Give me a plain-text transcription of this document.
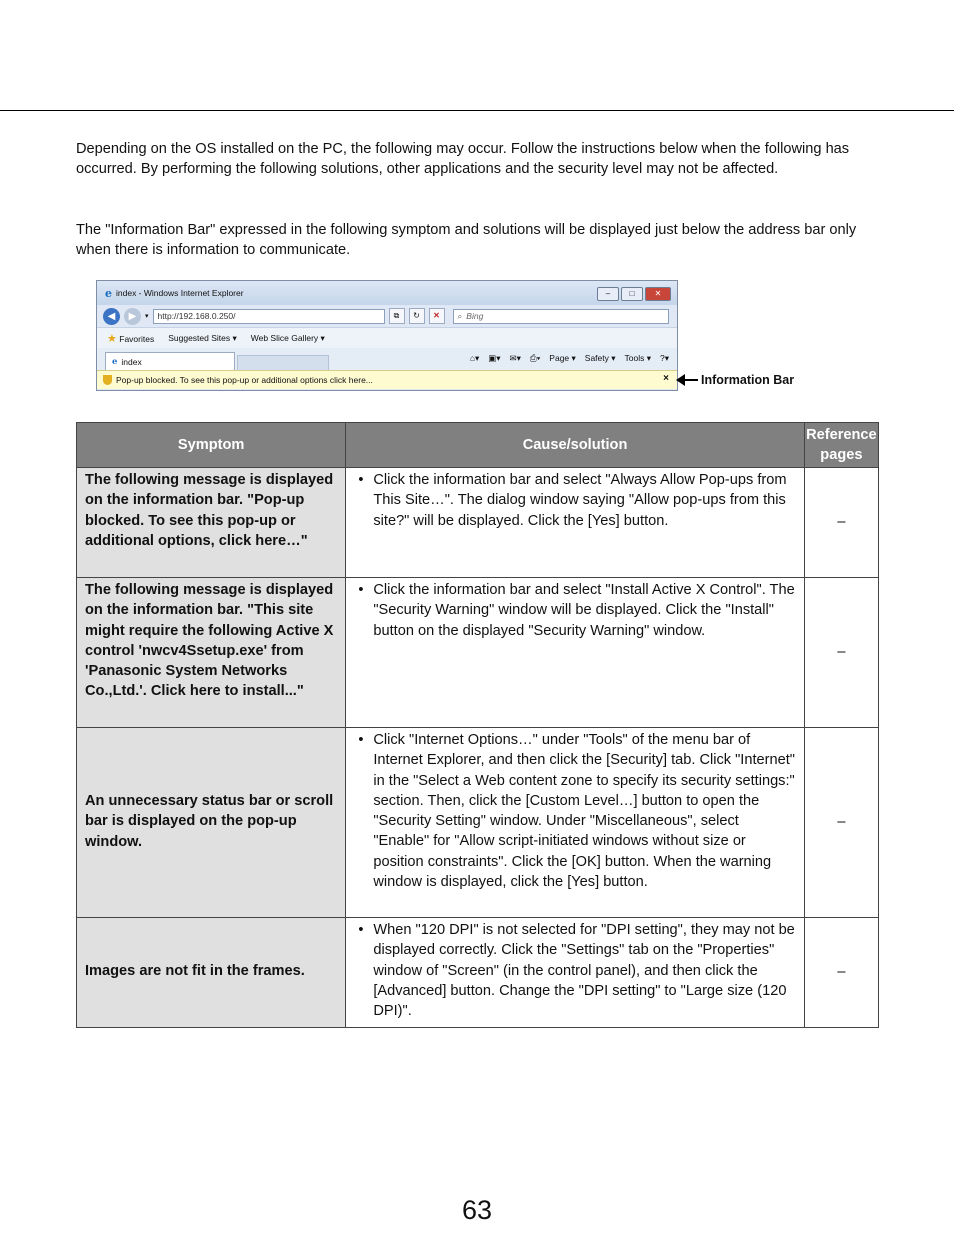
Depending on the OS installed on the PC, the following may occur. Follow the instructions below when the following has occurred. By performing the following solutions, other applications and the security level may not be affected.

The "Information Bar" expressed in the following symptom and solutions will be displayed just below the address bar only when there is information to communicate.

e index - Windows Internet Explorer	–	□	✕
◀	▶	▾ http://192.168.0.250/	⧉	↻	✕	⌕ Bing
★ Favorites Suggested Sites ▾ Web Slice Gallery ▾
e index	⌂▾ ▣▾ ✉▾ ⎙▾ Page ▾ Safety ▾ Tools ▾ ?▾
Pop-up blocked. To see this pop-up or additional options click here...	×	Information Bar
Symptom	Cause/solution	Reference pages
The following message is displayed on the information bar. "Pop-up blocked. To see this pop-up or additional options, click here…"	• Click the information bar and select "Always Allow Pop-ups from This Site…". The dialog window saying "Allow pop-ups from this site?" will be displayed. Click the [Yes] button.	–
The following message is displayed on the information bar. "This site might require the following Active X control 'nwcv4Ssetup.exe' from 'Panasonic System Networks Co.,Ltd.'. Click here to install..."	• Click the information bar and select "Install Active X Control". The "Security Warning" window will be displayed. Click the "Install" button on the displayed "Security Warning" window.	–
An unnecessary status bar or scroll bar is displayed on the pop-up window.	• Click "Internet Options…" under "Tools" of the menu bar of Internet Explorer, and then click the [Security] tab. Click "Internet" in the "Select a Web content zone to specify its security settings:" section. Then, click the [Custom Level…] button to open the "Security Setting" window. Under "Miscellaneous", select "Enable" for "Allow script-initiated windows without size or position constraints". Click the [OK] button. When the warning window is displayed, click the [Yes] button.	–
Images are not fit in the frames.	• When "120 DPI" is not selected for "DPI setting", they may not be displayed correctly. Click the "Settings" tab on the "Properties" window of "Screen" (in the control panel), and then click the [Advanced] button. Change the "DPI setting" to "Large size (120 DPI)".	–
63
